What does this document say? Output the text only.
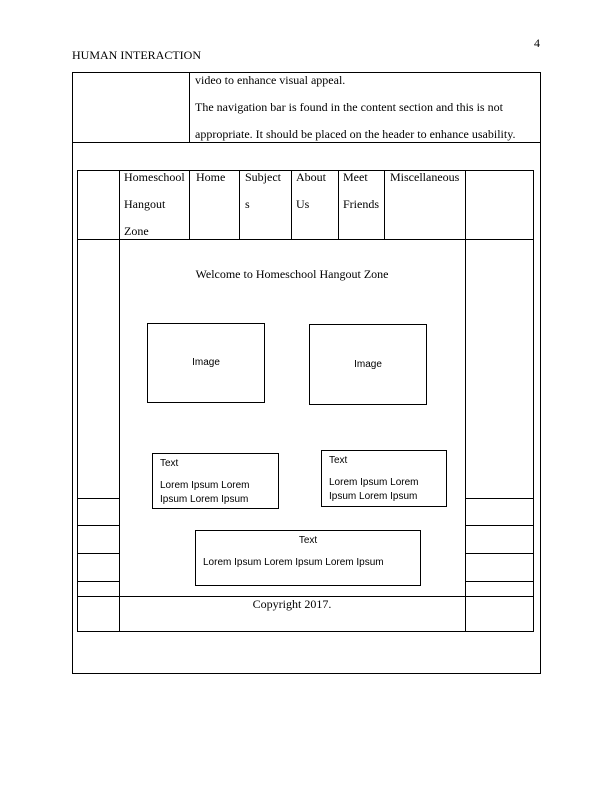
4
HUMAN INTERACTION
video to enhance visual appeal.
The navigation bar is found in the content section and this is not
appropriate. It should be placed on the header to enhance usability.
Homeschool
Hangout
Zone
Home Subject
s
About
Us
Meet
Friends
Miscellaneous
Welcome to Homeschool Hangout Zone
Image	Image
Text
Lorem Ipsum Lorem
Ipsum Lorem Ipsum
Text
Lorem Ipsum Lorem
Ipsum Lorem Ipsum
Text
Lorem Ipsum Lorem Ipsum Lorem Ipsum
Copyright 2017.
